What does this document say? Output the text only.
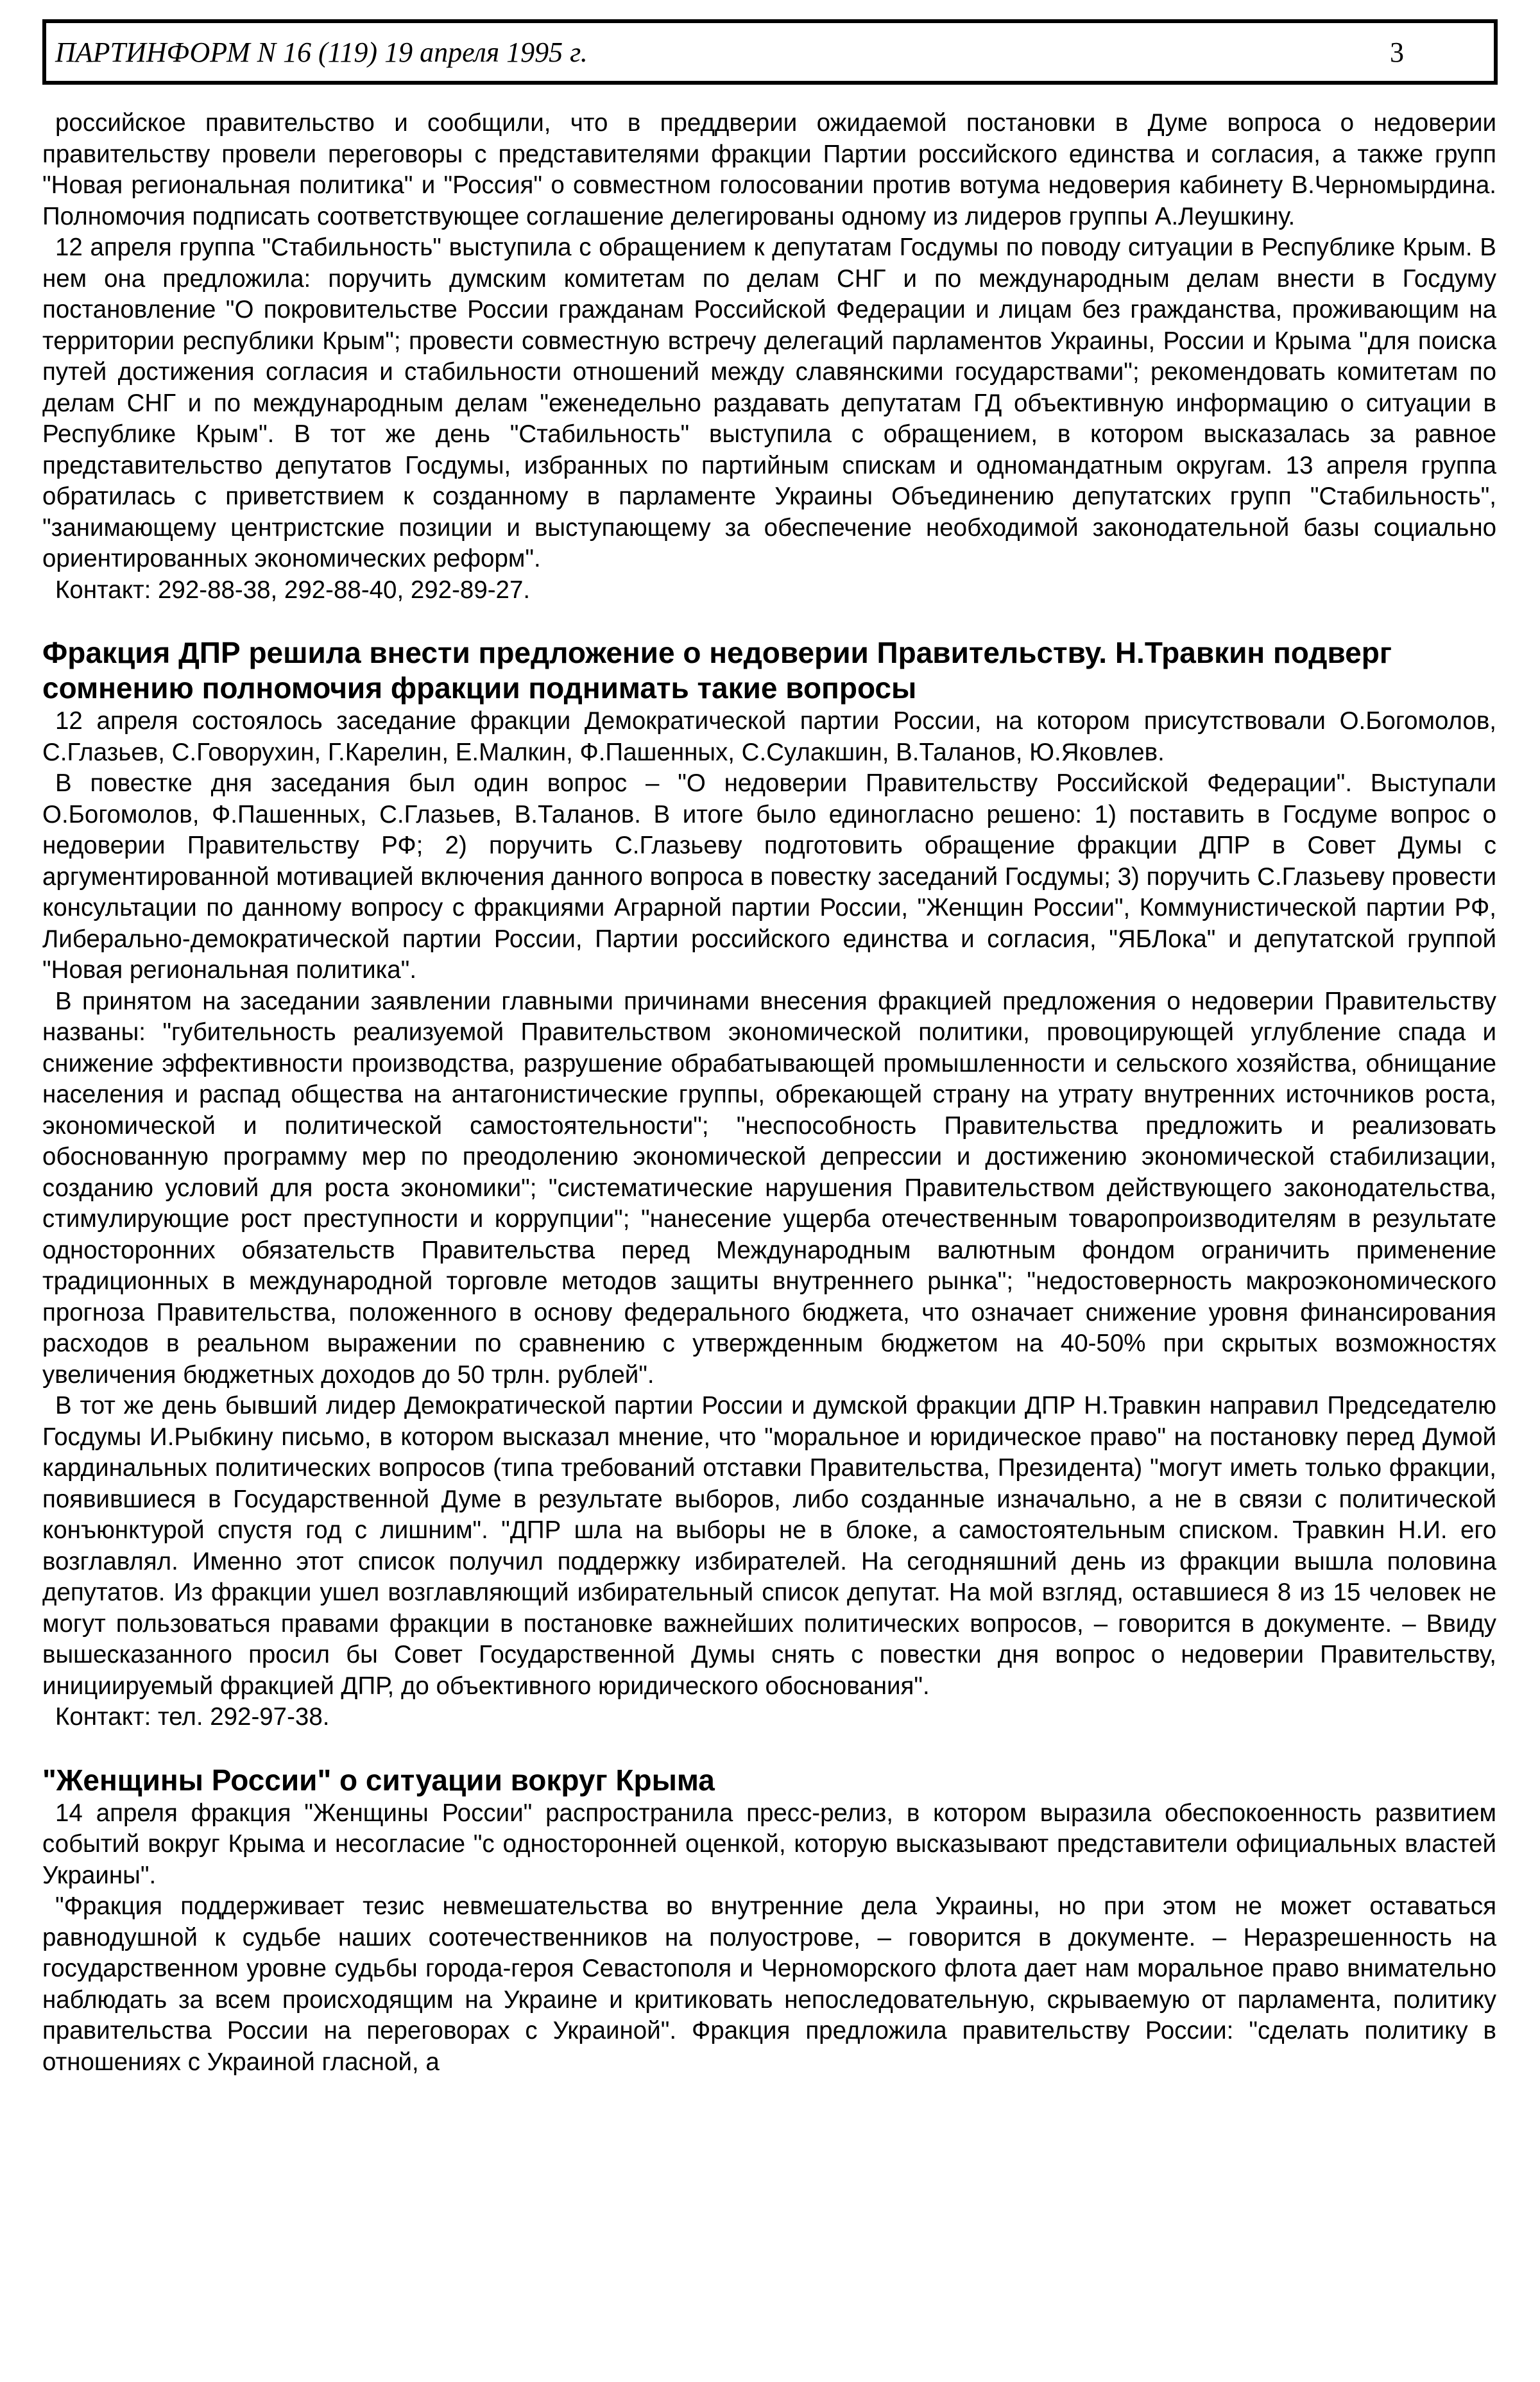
ПАРТИНФОРМ N 16 (119) 19 апреля 1995 г.	3

российское правительство и сообщили, что в преддверии ожидаемой постановки в Думе вопроса о недоверии правительству провели переговоры с представителями фракции Партии российского единства и согласия, а также групп "Новая региональная политика" и "Россия" о совместном голосовании против вотума недоверия кабинету В.Черномырдина. Полномочия подписать соответствующее соглашение делегированы одному из лидеров группы А.Леушкину.

12 апреля группа "Стабильность" выступила с обращением к депутатам Госдумы по поводу ситуации в Республике Крым. В нем она предложила: поручить думским комитетам по делам СНГ и по международным делам внести в Госдуму постановление "О покровительстве России гражданам Российской Федерации и лицам без гражданства, проживающим на территории республики Крым"; провести совместную встречу делегаций парламентов Украины, России и Крыма "для поиска путей достижения согласия и стабильности отношений между славянскими государствами"; рекомендовать комитетам по делам СНГ и по международным делам "еженедельно раздавать депутатам ГД объективную информацию о ситуации в Республике Крым". В тот же день "Стабильность" выступила с обращением, в котором высказалась за равное представительство депутатов Госдумы, избранных по партийным спискам и одномандатным округам. 13 апреля группа обратилась с приветствием к созданному в парламенте Украины Объединению депутатских групп "Стабильность", "занимающему центристские позиции и выступающему за обеспечение необходимой законодательной базы социально ориентированных экономических реформ".

Контакт: 292-88-38, 292-88-40, 292-89-27.

Фракция ДПР решила внести предложение о недоверии Правительству. Н.Травкин подверг сомнению полномочия фракции поднимать такие вопросы

12 апреля состоялось заседание фракции Демократической партии России, на котором присутствовали О.Богомолов, С.Глазьев, С.Говорухин, Г.Карелин, Е.Малкин, Ф.Пашенных, С.Сулакшин, В.Таланов, Ю.Яковлев.

В повестке дня заседания был один вопрос – "О недоверии Правительству Российской Федерации". Выступали О.Богомолов, Ф.Пашенных, С.Глазьев, В.Таланов. В итоге было единогласно решено: 1) поставить в Госдуме вопрос о недоверии Правительству РФ; 2) поручить С.Глазьеву подготовить обращение фракции ДПР в Совет Думы с аргументированной мотивацией включения данного вопроса в повестку заседаний Госдумы; 3) поручить С.Глазьеву провести консультации по данному вопросу с фракциями Аграрной партии России, "Женщин России", Коммунистической партии РФ, Либерально-демократической партии России, Партии российского единства и согласия, "ЯБЛока" и депутатской группой "Новая региональная политика".

В принятом на заседании заявлении главными причинами внесения фракцией предложения о недоверии Правительству названы: "губительность реализуемой Правительством экономической политики, провоцирующей углубление спада и снижение эффективности производства, разрушение обрабатывающей промышленности и сельского хозяйства, обнищание населения и распад общества на антагонистические группы, обрекающей страну на утрату внутренних источников роста, экономической и политической самостоятельности"; "неспособность Правительства предложить и реализовать обоснованную программу мер по преодолению экономической депрессии и достижению экономической стабилизации, созданию условий для роста экономики"; "систематические нарушения Правительством действующего законодательства, стимулирующие рост преступности и коррупции"; "нанесение ущерба отечественным товаропроизводителям в результате односторонних обязательств Правительства перед Международным валютным фондом ограничить применение традиционных в международной торговле методов защиты внутреннего рынка"; "недостоверность макроэкономического прогноза Правительства, положенного в основу федерального бюджета, что означает снижение уровня финансирования расходов в реальном выражении по сравнению с утвержденным бюджетом на 40-50% при скрытых возможностях увеличения бюджетных доходов до 50 трлн. рублей".

В тот же день бывший лидер Демократической партии России и думской фракции ДПР Н.Травкин направил Председателю Госдумы И.Рыбкину письмо, в котором высказал мнение, что "моральное и юридическое право" на постановку перед Думой кардинальных политических вопросов (типа требований отставки Правительства, Президента) "могут иметь только фракции, появившиеся в Государственной Думе в результате выборов, либо созданные изначально, а не в связи с политической конъюнктурой спустя год с лишним". "ДПР шла на выборы не в блоке, а самостоятельным списком. Травкин Н.И. его возглавлял. Именно этот список получил поддержку избирателей. На сегодняшний день из фракции вышла половина депутатов. Из фракции ушел возглавляющий избирательный список депутат. На мой взгляд, оставшиеся 8 из 15 человек не могут пользоваться правами фракции в постановке важнейших политических вопросов, – говорится в документе. – Ввиду вышесказанного просил бы Совет Государственной Думы снять с повестки дня вопрос о недоверии Правительству, инициируемый фракцией ДПР, до объективного юридического обоснования".

Контакт: тел. 292-97-38.

"Женщины России" о ситуации вокруг Крыма

14 апреля фракция "Женщины России" распространила пресс-релиз, в котором выразила обеспокоенность развитием событий вокруг Крыма и несогласие "с односторонней оценкой, которую высказывают представители официальных властей Украины".

"Фракция поддерживает тезис невмешательства во внутренние дела Украины, но при этом не может оставаться равнодушной к судьбе наших соотечественников на полуострове, – говорится в документе. – Неразрешенность на государственном уровне судьбы города-героя Севастополя и Черноморского флота дает нам моральное право внимательно наблюдать за всем происходящим на Украине и критиковать непоследовательную, скрываемую от парламента, политику правительства России на переговорах с Украиной". Фракция предложила правительству России: "сделать политику в отношениях с Украиной гласной, а
